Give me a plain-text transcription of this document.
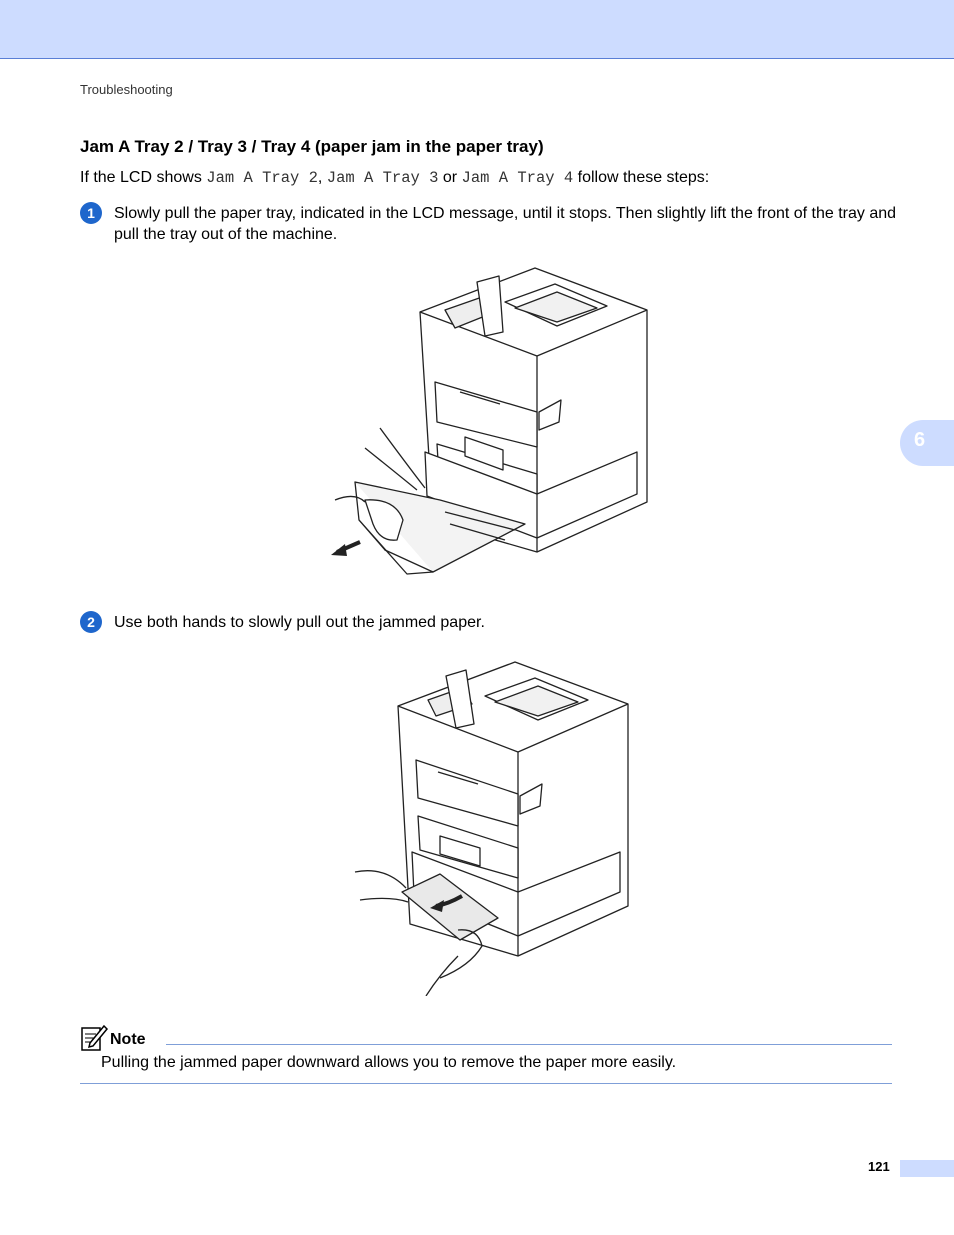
Troubleshooting
6
Jam A Tray 2 / Tray 3 / Tray 4 (paper jam in the paper tray)
If the LCD shows Jam A Tray 2, Jam A Tray 3 or Jam A Tray 4 follow these steps:
1	Slowly pull the paper tray, indicated in the LCD message, until it stops. Then slightly lift the front of the tray and pull the tray out of the machine.
2	Use both hands to slowly pull out the jammed paper.
Note
Pulling the jammed paper downward allows you to remove the paper more easily.
121
